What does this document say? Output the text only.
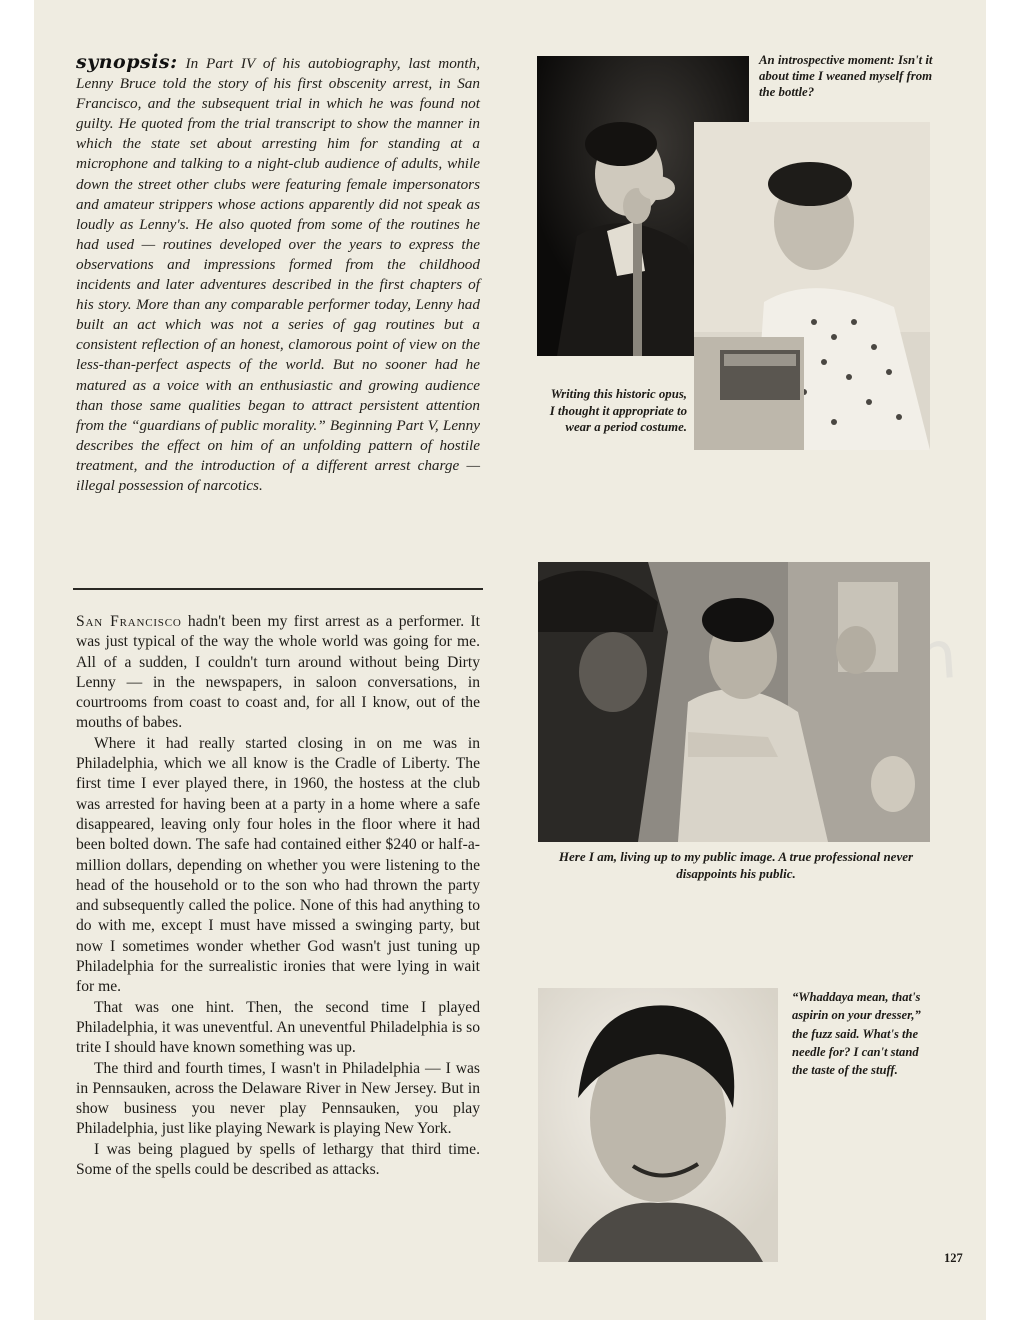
synopsis: In Part IV of his autobiography, last month, Lenny Bruce told the story of his first obscenity arrest, in San Francisco, and the subsequent trial in which he was found not guilty. He quoted from the trial transcript to show the manner in which the state set about arresting him for standing at a microphone and talking to a night-club audience of adults, while down the street other clubs were featuring female impersonators and amateur strippers whose actions apparently did not speak as loudly as Lenny's. He also quoted from some of the routines he had used — routines developed over the years to express the observations and impressions formed from the childhood incidents and later adventures described in the first chapters of his story. More than any comparable performer today, Lenny had built an act which was not a series of gag routines but a consistent reflection of an honest, clamorous point of view on the less-than-perfect aspects of the world. But no sooner had he matured as a voice with an enthusiastic and growing audience than those same qualities began to attract persistent attention from the “guardians of public morality.” Beginning Part V, Lenny describes the effect on him of an unfolding pattern of hostile treatment, and the introduction of a different arrest charge — illegal possession of narcotics.

San Francisco hadn't been my first arrest as a performer. It was just typical of the way the whole world was going for me. All of a sudden, I couldn't turn around without being Dirty Lenny — in the newspapers, in saloon conversations, in courtrooms from coast to coast and, for all I know, out of the mouths of babes.

Where it had really started closing in on me was in Philadelphia, which we all know is the Cradle of Liberty. The first time I ever played there, in 1960, the hostess at the club was arrested for having been at a party in a home where a safe disappeared, leaving only four holes in the floor where it had been bolted down. The safe had contained either $240 or half-a-million dollars, depending on whether you were listening to the head of the household or to the son who had thrown the party and subsequently called the police. None of this had anything to do with me, except I must have missed a swinging party, but now I sometimes wonder whether God wasn't just tuning up Philadelphia for the surrealistic ironies that were lying in wait for me.

That was one hint. Then, the second time I played Philadelphia, it was uneventful. An uneventful Philadelphia is so trite I should have known something was up.

The third and fourth times, I wasn't in Philadelphia — I was in Pennsauken, across the Delaware River in New Jersey. But in show business you never play Pennsauken, you play Philadelphia, just like playing Newark is playing New York.

I was being plagued by spells of lethargy that third time. Some of the spells could be described as attacks.

An introspective moment: Isn't it about time I weaned myself from the bottle?
Writing this historic opus, I thought it appropriate to wear a period costume.
Here I am, living up to my public image. A true professional never disappoints his public.
“Whaddaya mean, that's aspirin on your dresser,” the fuzz said. What's the needle for? I can't stand the taste of the stuff.
127
